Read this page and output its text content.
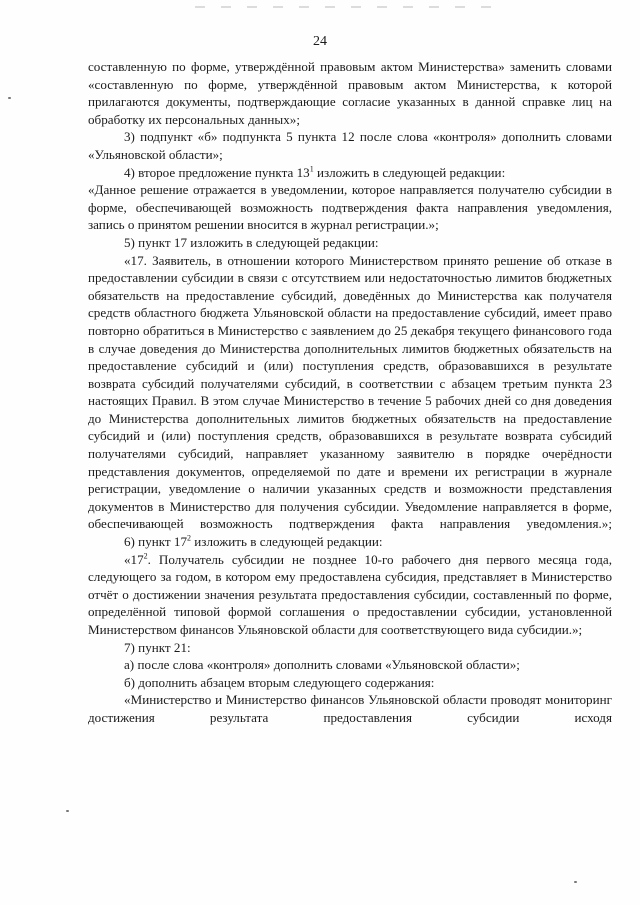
24

составленную по форме, утверждённой правовым актом Министерства» заменить словами «составленную по форме, утверждённой правовым актом Министерства, к которой прилагаются документы, подтверждающие согласие указанных в данной справке лиц на обработку их персональных данных»;

3) подпункт «б» подпункта 5 пункта 12 после слова «контроля» дополнить словами «Ульяновской области»;

4) второе предложение пункта $13^1$ изложить в следующей редакции:

«Данное решение отражается в уведомлении, которое направляется получателю субсидии в форме, обеспечивающей возможность подтверждения факта направления уведомления, запись о принятом решении вносится в журнал регистрации.»;

5) пункт 17 изложить в следующей редакции:

«17. Заявитель, в отношении которого Министерством принято решение об отказе в предоставлении субсидии в связи с отсутствием или недостаточностью лимитов бюджетных обязательств на предоставление субсидий, доведённых до Министерства как получателя средств областного бюджета Ульяновской области на предоставление субсидий, имеет право повторно обратиться в Министерство с заявлением до 25 декабря текущего финансового года в случае доведения до Министерства дополнительных лимитов бюджетных обязательств на предоставление субсидий и (или) поступления средств, образовавшихся в результате возврата субсидий получателями субсидий, в соответствии с абзацем третьим пункта 23 настоящих Правил. В этом случае Министерство в течение 5 рабочих дней со дня доведения до Министерства дополнительных лимитов бюджетных обязательств на предоставление субсидий и (или) поступления средств, образовавшихся в результате возврата субсидий получателями субсидий, направляет указанному заявителю в порядке очерёдности представления документов, определяемой по дате и времени их регистрации в журнале регистрации, уведомление о наличии указанных средств и возможности представления документов в Министерство для получения субсидии. Уведомление направляется в форме, обеспечивающей возможность подтверждения факта направления уведомления.»;

6) пункт $17^2$ изложить в следующей редакции:

«$17^2$. Получатель субсидии не позднее 10-го рабочего дня первого месяца года, следующего за годом, в котором ему предоставлена субсидия, представляет в Министерство отчёт о достижении значения результата предоставления субсидии, составленный по форме, определённой типовой формой соглашения о предоставлении субсидии, установленной Министерством финансов Ульяновской области для соответствующего вида субсидии.»;

7) пункт 21:

а) после слова «контроля» дополнить словами «Ульяновской области»;

б) дополнить абзацем вторым следующего содержания:

«Министерство и Министерство финансов Ульяновской области проводят мониторинг достижения результата предоставления субсидии исходя
